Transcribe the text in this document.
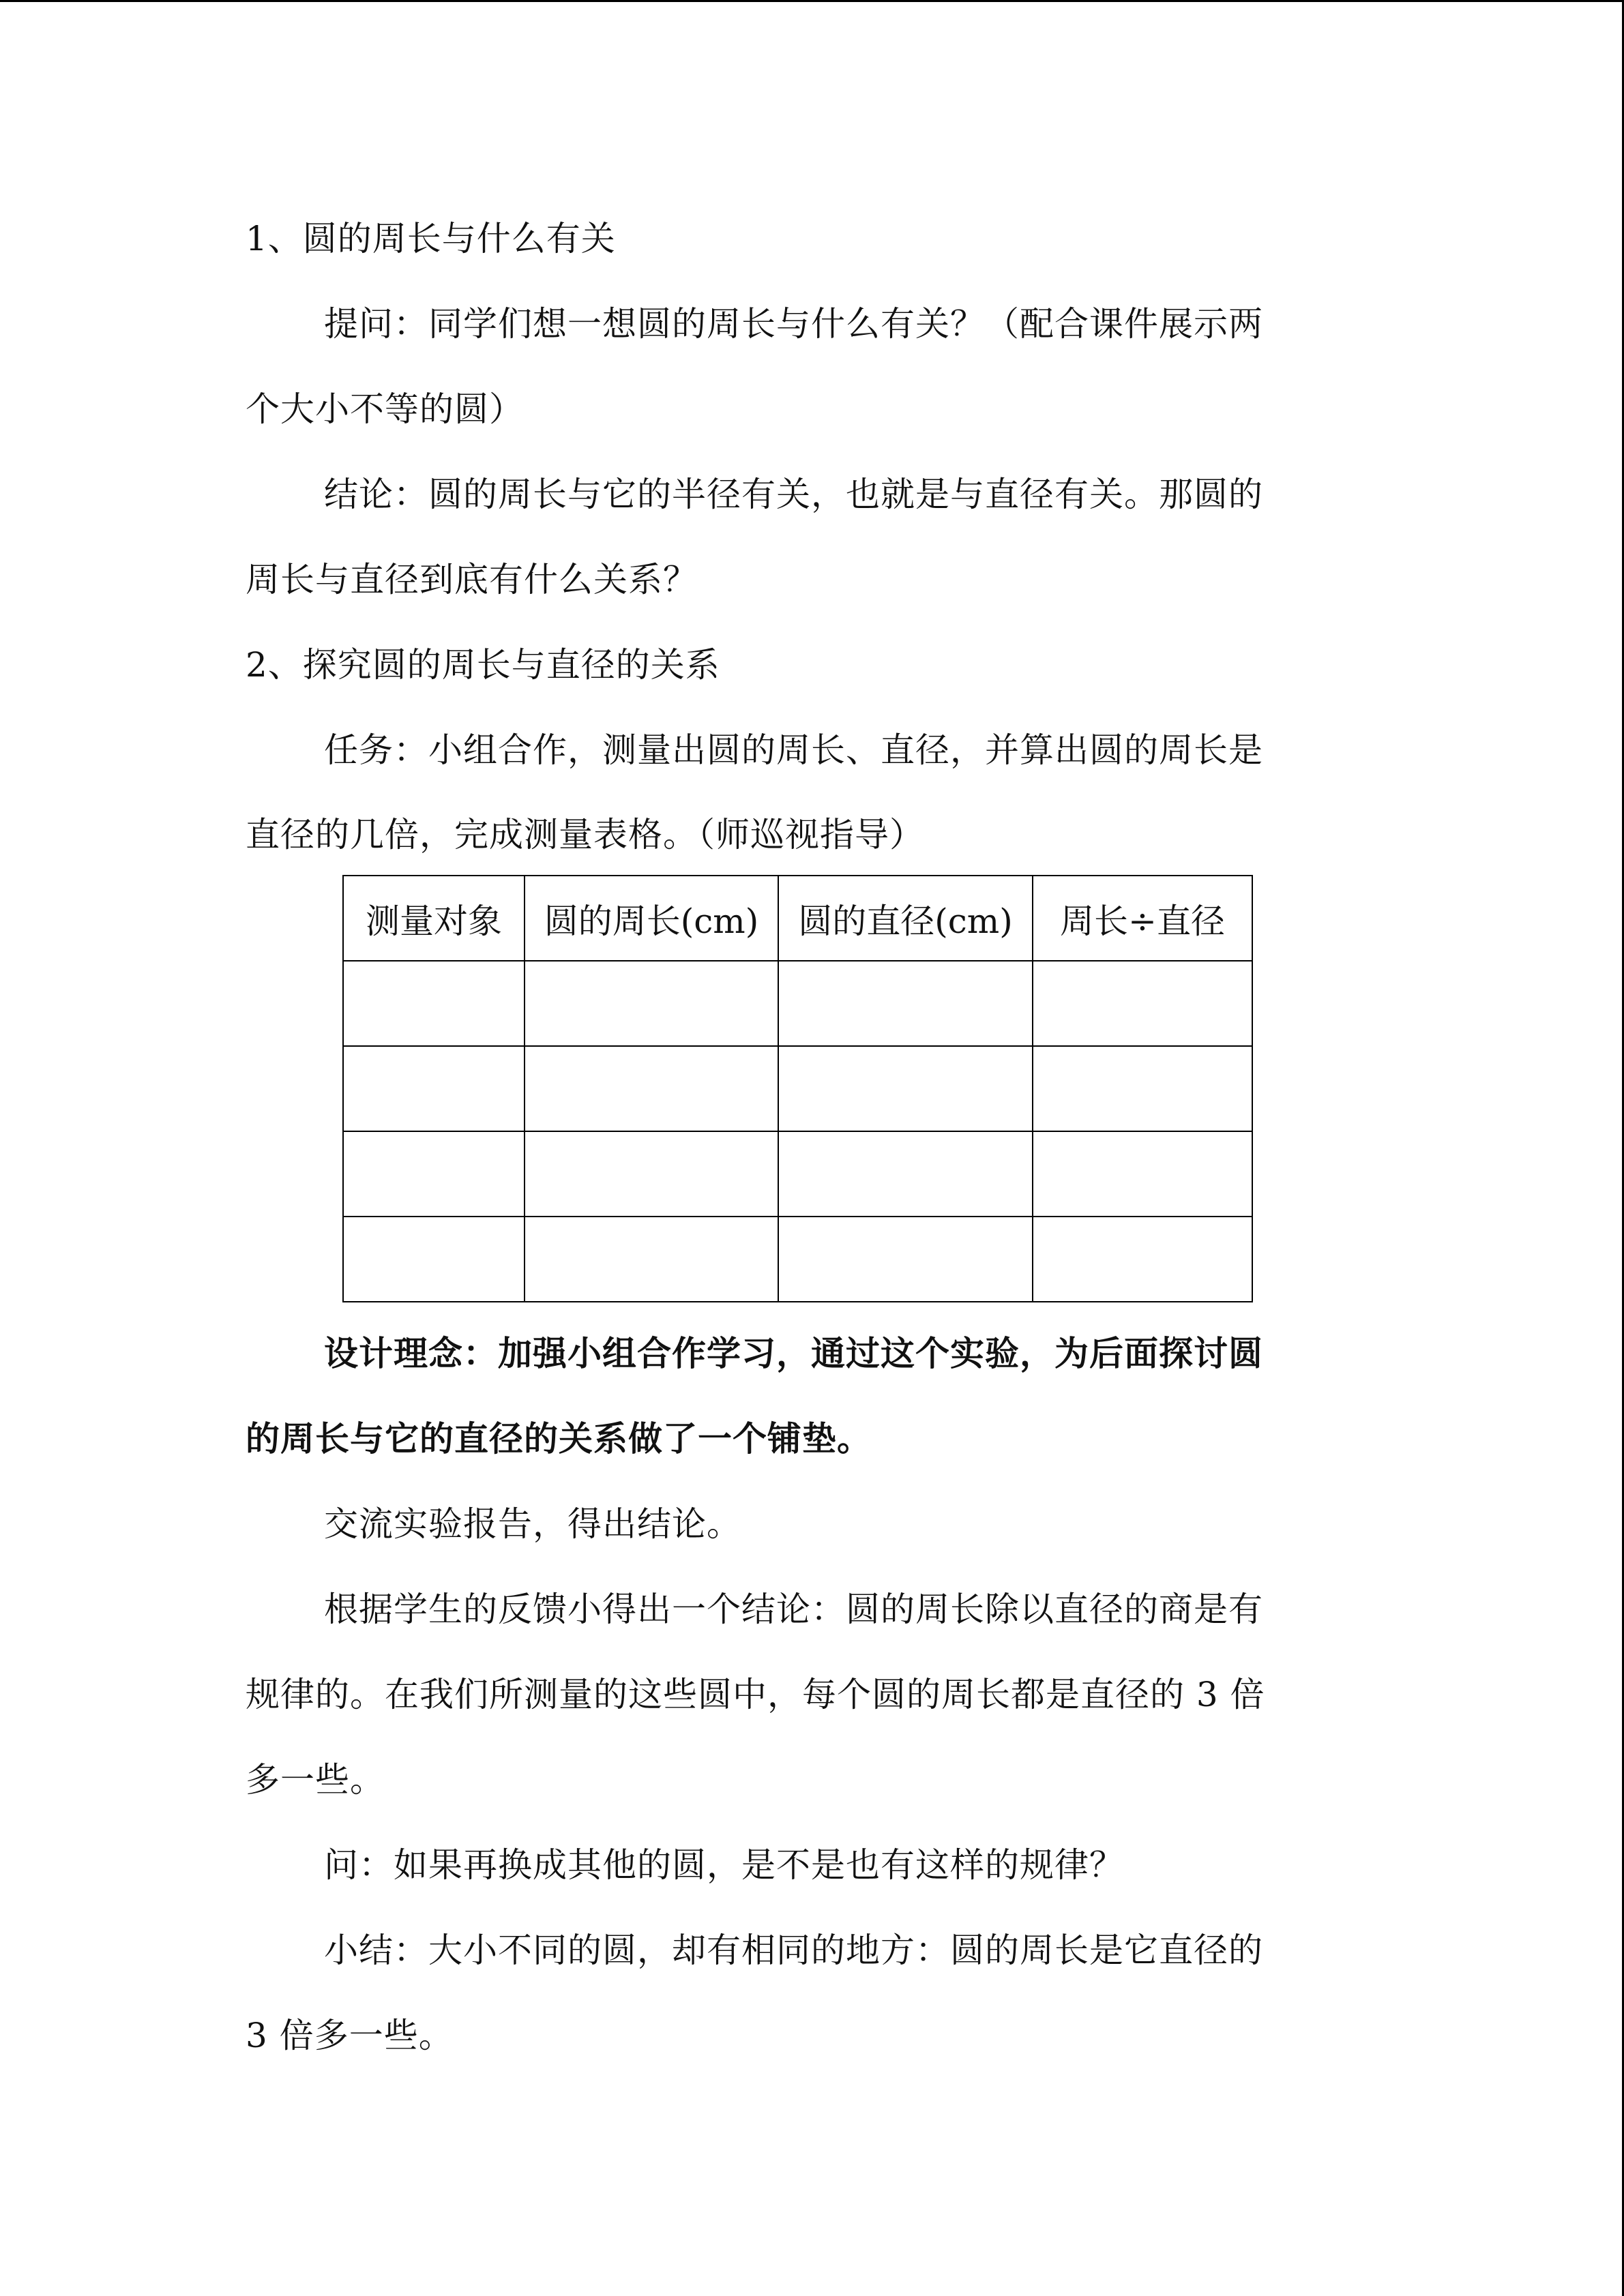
1、圆的周长与什么有关
提问：同学们想一想圆的周长与什么有关？（配合课件展示两
个大小不等的圆）
结论：圆的周长与它的半径有关，也就是与直径有关。那圆的
周长与直径到底有什么关系？
2、探究圆的周长与直径的关系
任务：小组合作，测量出圆的周长、直径，并算出圆的周长是
直径的几倍，完成测量表格。（师巡视指导）
测量对象	圆的周长(cm)	圆的直径(cm)	周长÷直径

设计理念：加强小组合作学习，通过这个实验，为后面探讨圆
的周长与它的直径的关系做了一个铺垫。
交流实验报告，得出结论。
根据学生的反馈小得出一个结论：圆的周长除以直径的商是有
规律的。在我们所测量的这些圆中，每个圆的周长都是直径的 3 倍
多一些。
问：如果再换成其他的圆，是不是也有这样的规律？
小结：大小不同的圆，却有相同的地方：圆的周长是它直径的
3 倍多一些。
